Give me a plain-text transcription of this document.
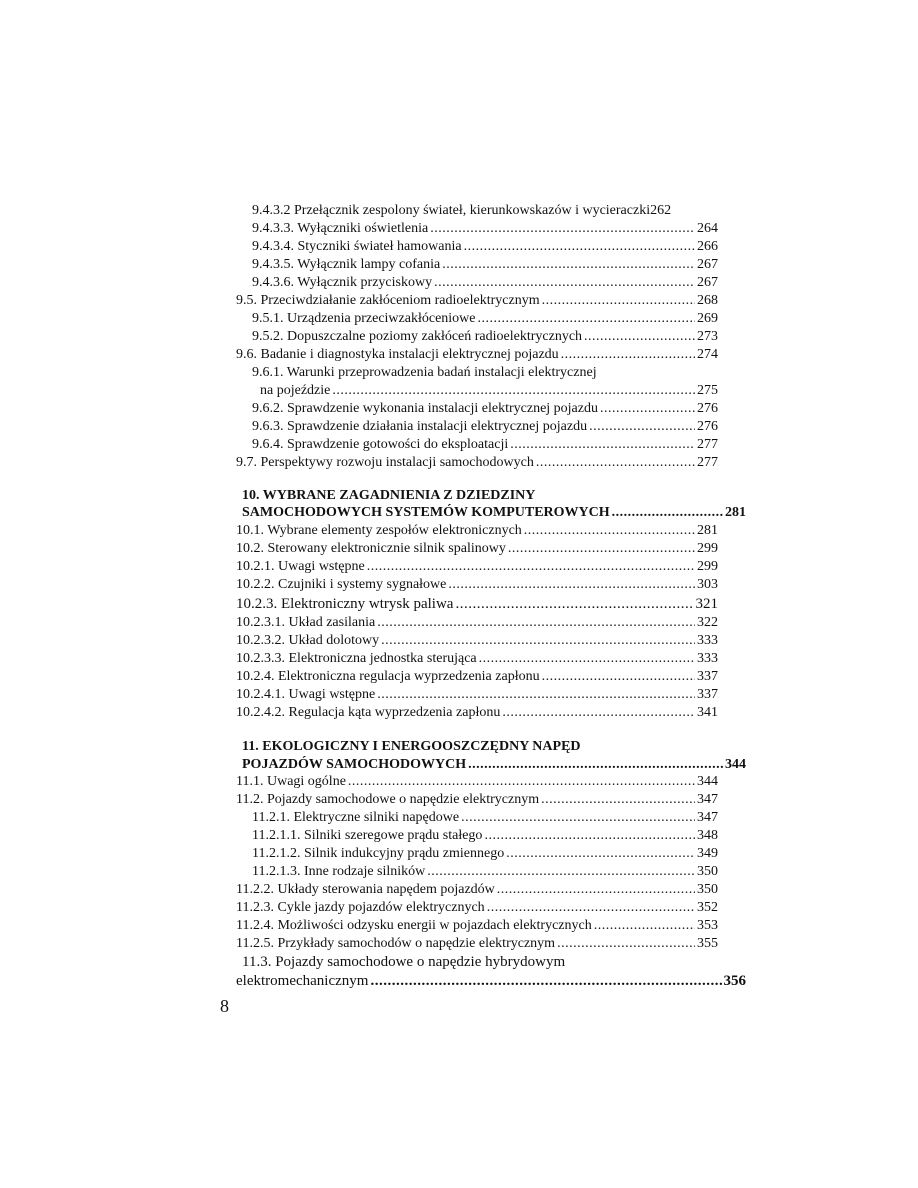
9.4.3.2 Przełącznik zespolony świateł, kierunkowskazów i wycieraczki 262
9.4.3.3. Wyłączniki oświetlenia .....	264
9.4.3.4. Styczniki świateł hamowania .....	266
9.4.3.5. Wyłącznik lampy cofania .....	267
9.4.3.6. Wyłącznik przyciskowy .....	267
9.5. Przeciwdziałanie zakłóceniom radioelektrycznym .....	268
9.5.1. Urządzenia przeciwzakłóceniowe .....	269
9.5.2. Dopuszczalne poziomy zakłóceń radioelektrycznych .....	273
9.6. Badanie i diagnostyka instalacji elektrycznej pojazdu .....	274
9.6.1. Warunki przeprowadzenia badań instalacji elektrycznej
na pojeździe .....	275
9.6.2. Sprawdzenie wykonania instalacji elektrycznej pojazdu .....	276
9.6.3. Sprawdzenie działania instalacji elektrycznej pojazdu .....	276
9.6.4. Sprawdzenie gotowości do eksploatacji .....	277
9.7. Perspektywy rozwoju instalacji samochodowych .....	277
10. WYBRANE ZAGADNIENIA Z DZIEDZINY
SAMOCHODOWYCH SYSTEMÓW KOMPUTEROWYCH .....	281
10.1. Wybrane elementy zespołów elektronicznych .....	281
10.2. Sterowany elektronicznie silnik spalinowy .....	299
10.2.1. Uwagi wstępne .....	299
10.2.2. Czujniki i systemy sygnałowe .....	303
10.2.3. Elektroniczny wtrysk paliwa .....	321
10.2.3.1. Układ zasilania .....	322
10.2.3.2. Układ dolotowy .....	333
10.2.3.3. Elektroniczna jednostka sterująca .....	333
10.2.4. Elektroniczna regulacja wyprzedzenia zapłonu .....	337
10.2.4.1. Uwagi wstępne .....	337
10.2.4.2. Regulacja kąta wyprzedzenia zapłonu .....	341
11. EKOLOGICZNY I ENERGOOSZCZĘDNY NAPĘD
POJAZDÓW SAMOCHODOWYCH .....	344
11.1. Uwagi ogólne .....	344
11.2. Pojazdy samochodowe o napędzie elektrycznym .....	347
11.2.1. Elektryczne silniki napędowe .....	347
11.2.1.1. Silniki szeregowe prądu stałego .....	348
11.2.1.2. Silnik indukcyjny prądu zmiennego .....	349
11.2.1.3. Inne rodzaje silników .....	350
11.2.2. Układy sterowania napędem pojazdów .....	350
11.2.3. Cykle jazdy pojazdów elektrycznych .....	352
11.2.4. Możliwości odzysku energii w pojazdach elektrycznych .....	353
11.2.5. Przykłady samochodów o napędzie elektrycznym .....	355
11.3. Pojazdy samochodowe o napędzie hybrydowym
elektromechanicznym .....	356
8
